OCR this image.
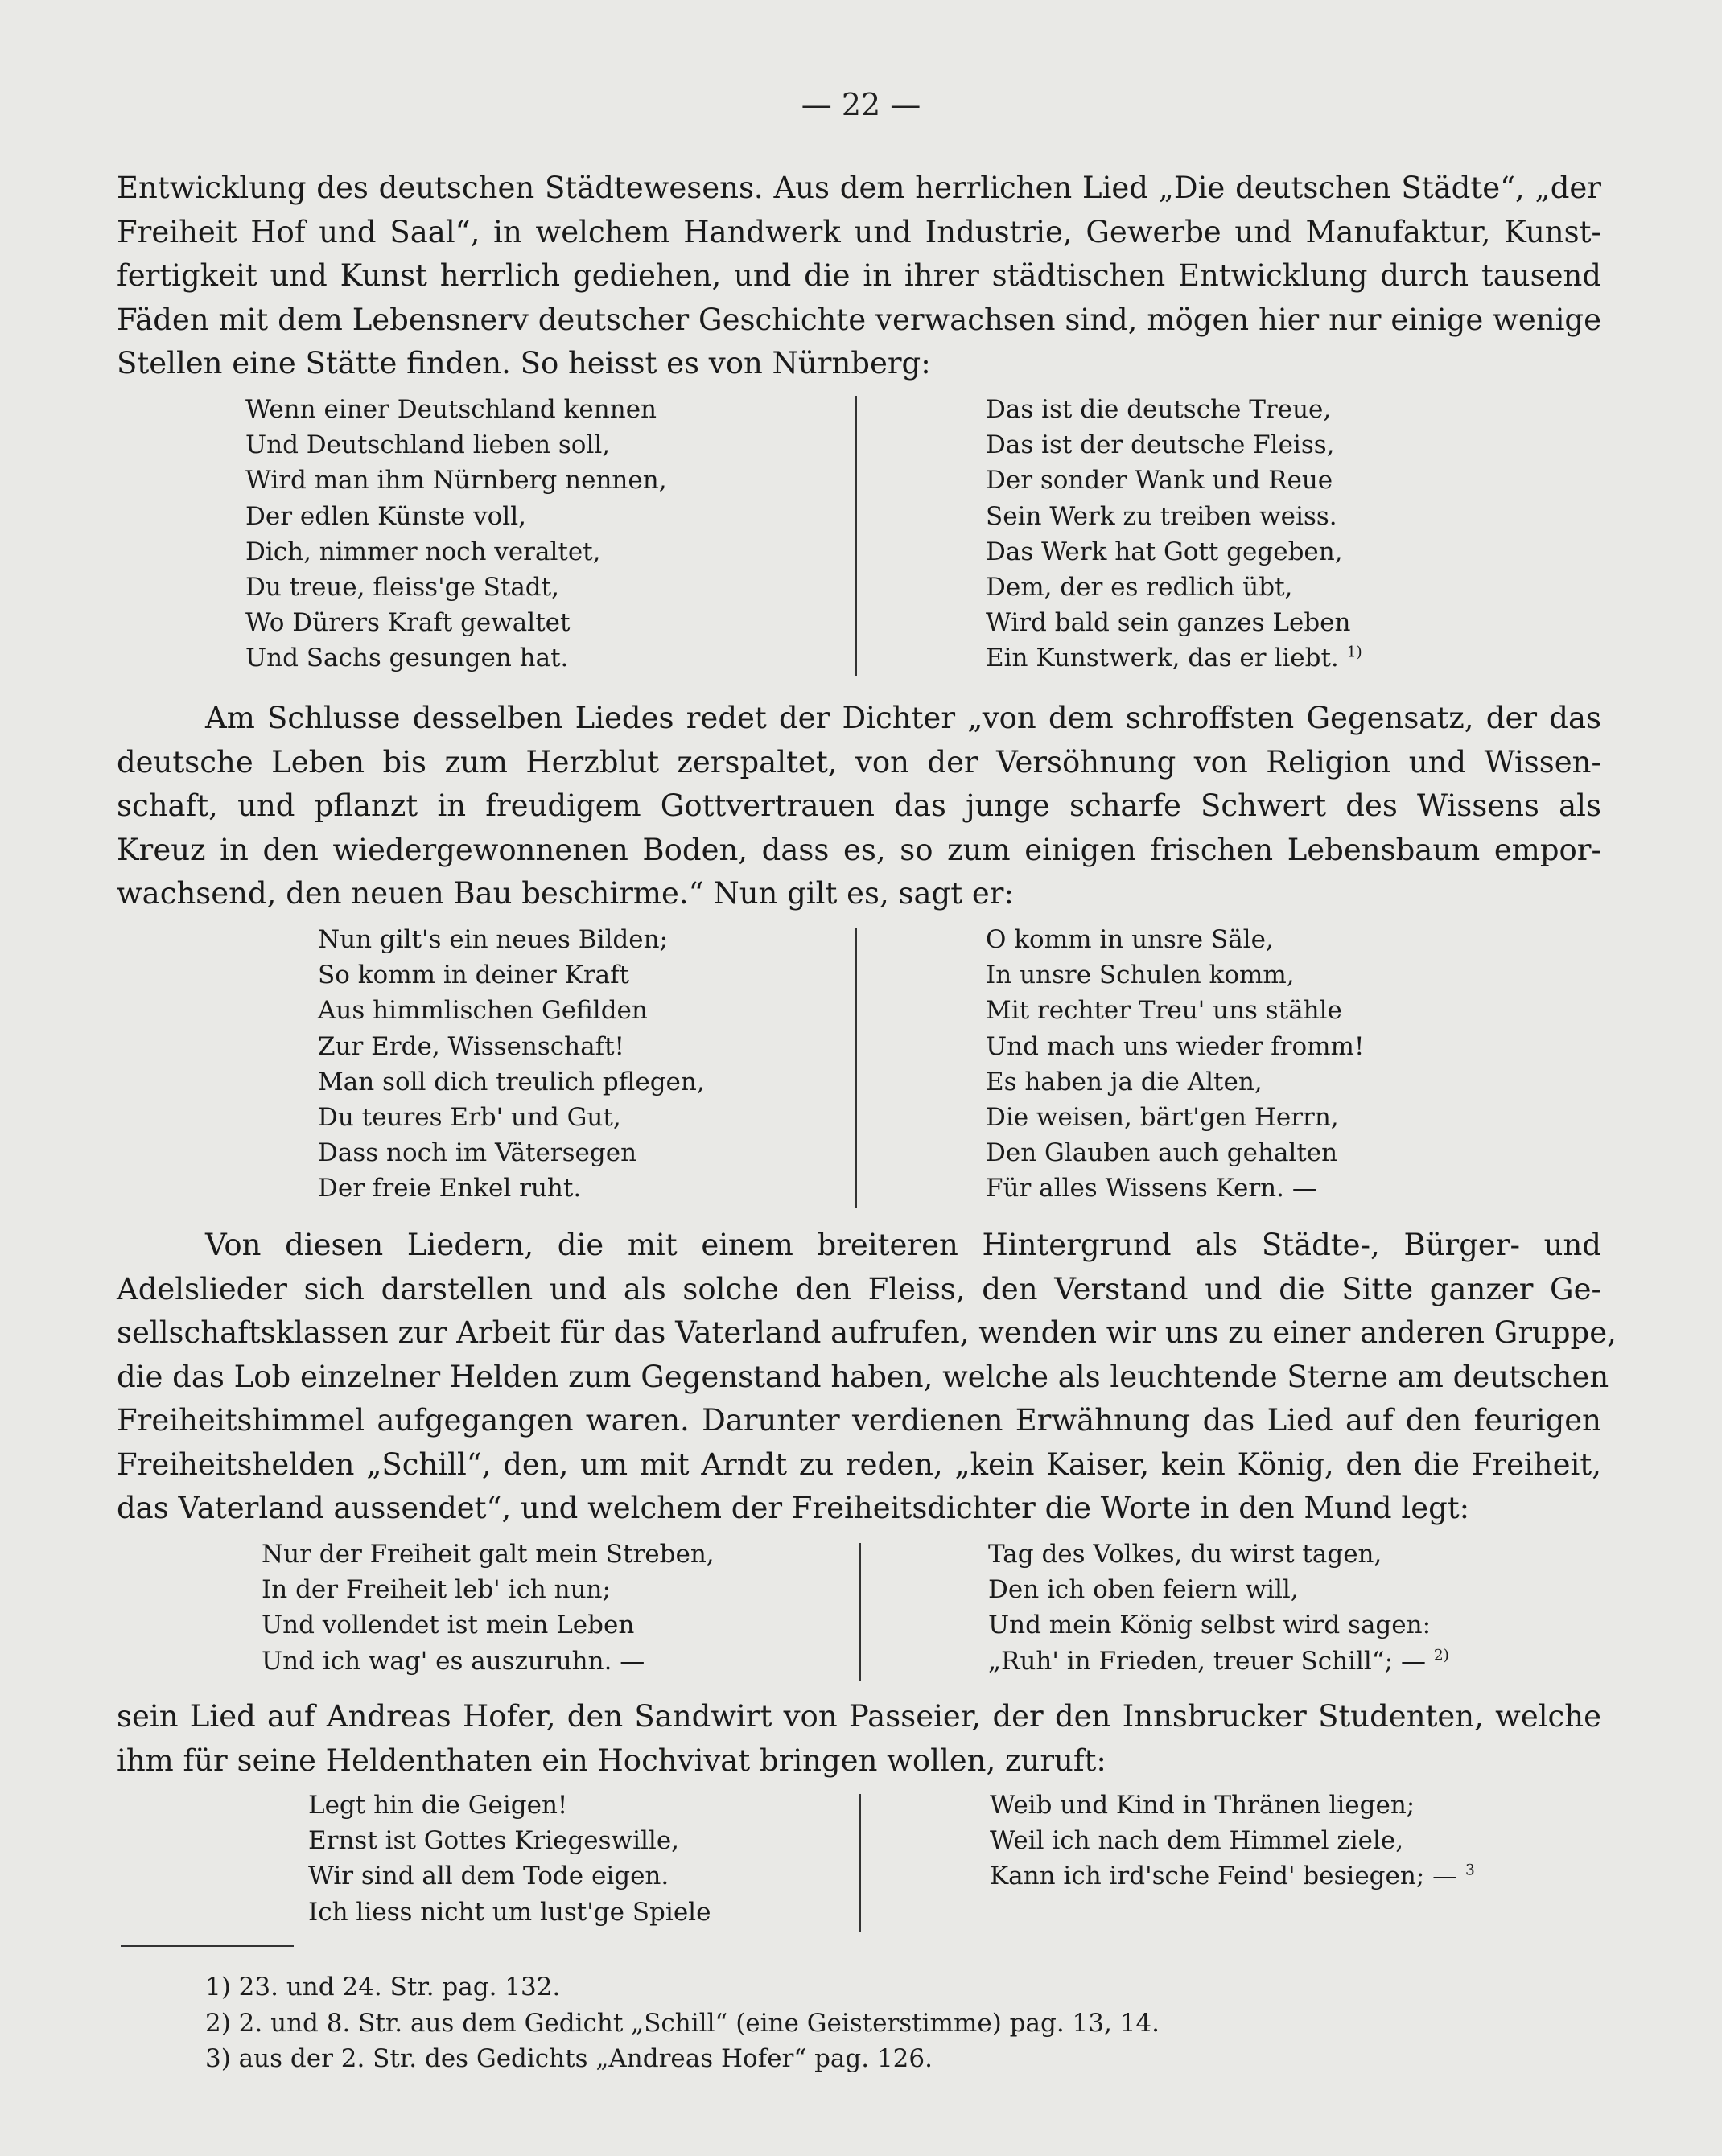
— 22 —
Entwicklung des deutschen Städtewesens. Aus dem herrlichen Lied „Die deutschen Städte“, „der
Freiheit Hof und Saal“, in welchem Handwerk und Industrie, Gewerbe und Manufaktur, Kunst-
fertigkeit und Kunst herrlich gediehen, und die in ihrer städtischen Entwicklung durch tausend
Fäden mit dem Lebensnerv deutscher Geschichte verwachsen sind, mögen hier nur einige wenige
Stellen eine Stätte finden. So heisst es von Nürnberg:
Wenn einer Deutschland kennen
Und Deutschland lieben soll,
Wird man ihm Nürnberg nennen,
Der edlen Künste voll,
Dich, nimmer noch veraltet,
Du treue, fleiss'ge Stadt,
Wo Dürers Kraft gewaltet
Und Sachs gesungen hat.
Das ist die deutsche Treue,
Das ist der deutsche Fleiss,
Der sonder Wank und Reue
Sein Werk zu treiben weiss.
Das Werk hat Gott gegeben,
Dem, der es redlich übt,
Wird bald sein ganzes Leben
Ein Kunstwerk, das er liebt. $^{1)}$
Am Schlusse desselben Liedes redet der Dichter „von dem schroffsten Gegensatz, der das
deutsche Leben bis zum Herzblut zerspaltet, von der Versöhnung von Religion und Wissen-
schaft, und pflanzt in freudigem Gottvertrauen das junge scharfe Schwert des Wissens als
Kreuz in den wiedergewonnenen Boden, dass es, so zum einigen frischen Lebensbaum empor-
wachsend, den neuen Bau beschirme.“ Nun gilt es, sagt er:
Nun gilt's ein neues Bilden;
So komm in deiner Kraft
Aus himmlischen Gefilden
Zur Erde, Wissenschaft!
Man soll dich treulich pflegen,
Du teures Erb' und Gut,
Dass noch im Vätersegen
Der freie Enkel ruht.
O komm in unsre Säle,
In unsre Schulen komm,
Mit rechter Treu' uns stähle
Und mach uns wieder fromm!
Es haben ja die Alten,
Die weisen, bärt'gen Herrn,
Den Glauben auch gehalten
Für alles Wissens Kern. —
Von diesen Liedern, die mit einem breiteren Hintergrund als Städte-, Bürger- und
Adelslieder sich darstellen und als solche den Fleiss, den Verstand und die Sitte ganzer Ge-
sellschaftsklassen zur Arbeit für das Vaterland aufrufen, wenden wir uns zu einer anderen Gruppe,
die das Lob einzelner Helden zum Gegenstand haben, welche als leuchtende Sterne am deutschen
Freiheitshimmel aufgegangen waren. Darunter verdienen Erwähnung das Lied auf den feurigen
Freiheitshelden „Schill“, den, um mit Arndt zu reden, „kein Kaiser, kein König, den die Freiheit,
das Vaterland aussendet“, und welchem der Freiheitsdichter die Worte in den Mund legt:
Nur der Freiheit galt mein Streben,
In der Freiheit leb' ich nun;
Und vollendet ist mein Leben
Und ich wag' es auszuruhn. —
Tag des Volkes, du wirst tagen,
Den ich oben feiern will,
Und mein König selbst wird sagen:
„Ruh' in Frieden, treuer Schill“; — $^{2)}$
sein Lied auf Andreas Hofer, den Sandwirt von Passeier, der den Innsbrucker Studenten, welche
ihm für seine Heldenthaten ein Hochvivat bringen wollen, zuruft:
Legt hin die Geigen!
Ernst ist Gottes Kriegeswille,
Wir sind all dem Tode eigen.
Ich liess nicht um lust'ge Spiele
Weib und Kind in Thränen liegen;
Weil ich nach dem Himmel ziele,
Kann ich ird'sche Feind' besiegen; — $^3$
1) 23. und 24. Str. pag. 132.
2) 2. und 8. Str. aus dem Gedicht „Schill“ (eine Geisterstimme) pag. 13, 14.
3) aus der 2. Str. des Gedichts „Andreas Hofer“ pag. 126.
